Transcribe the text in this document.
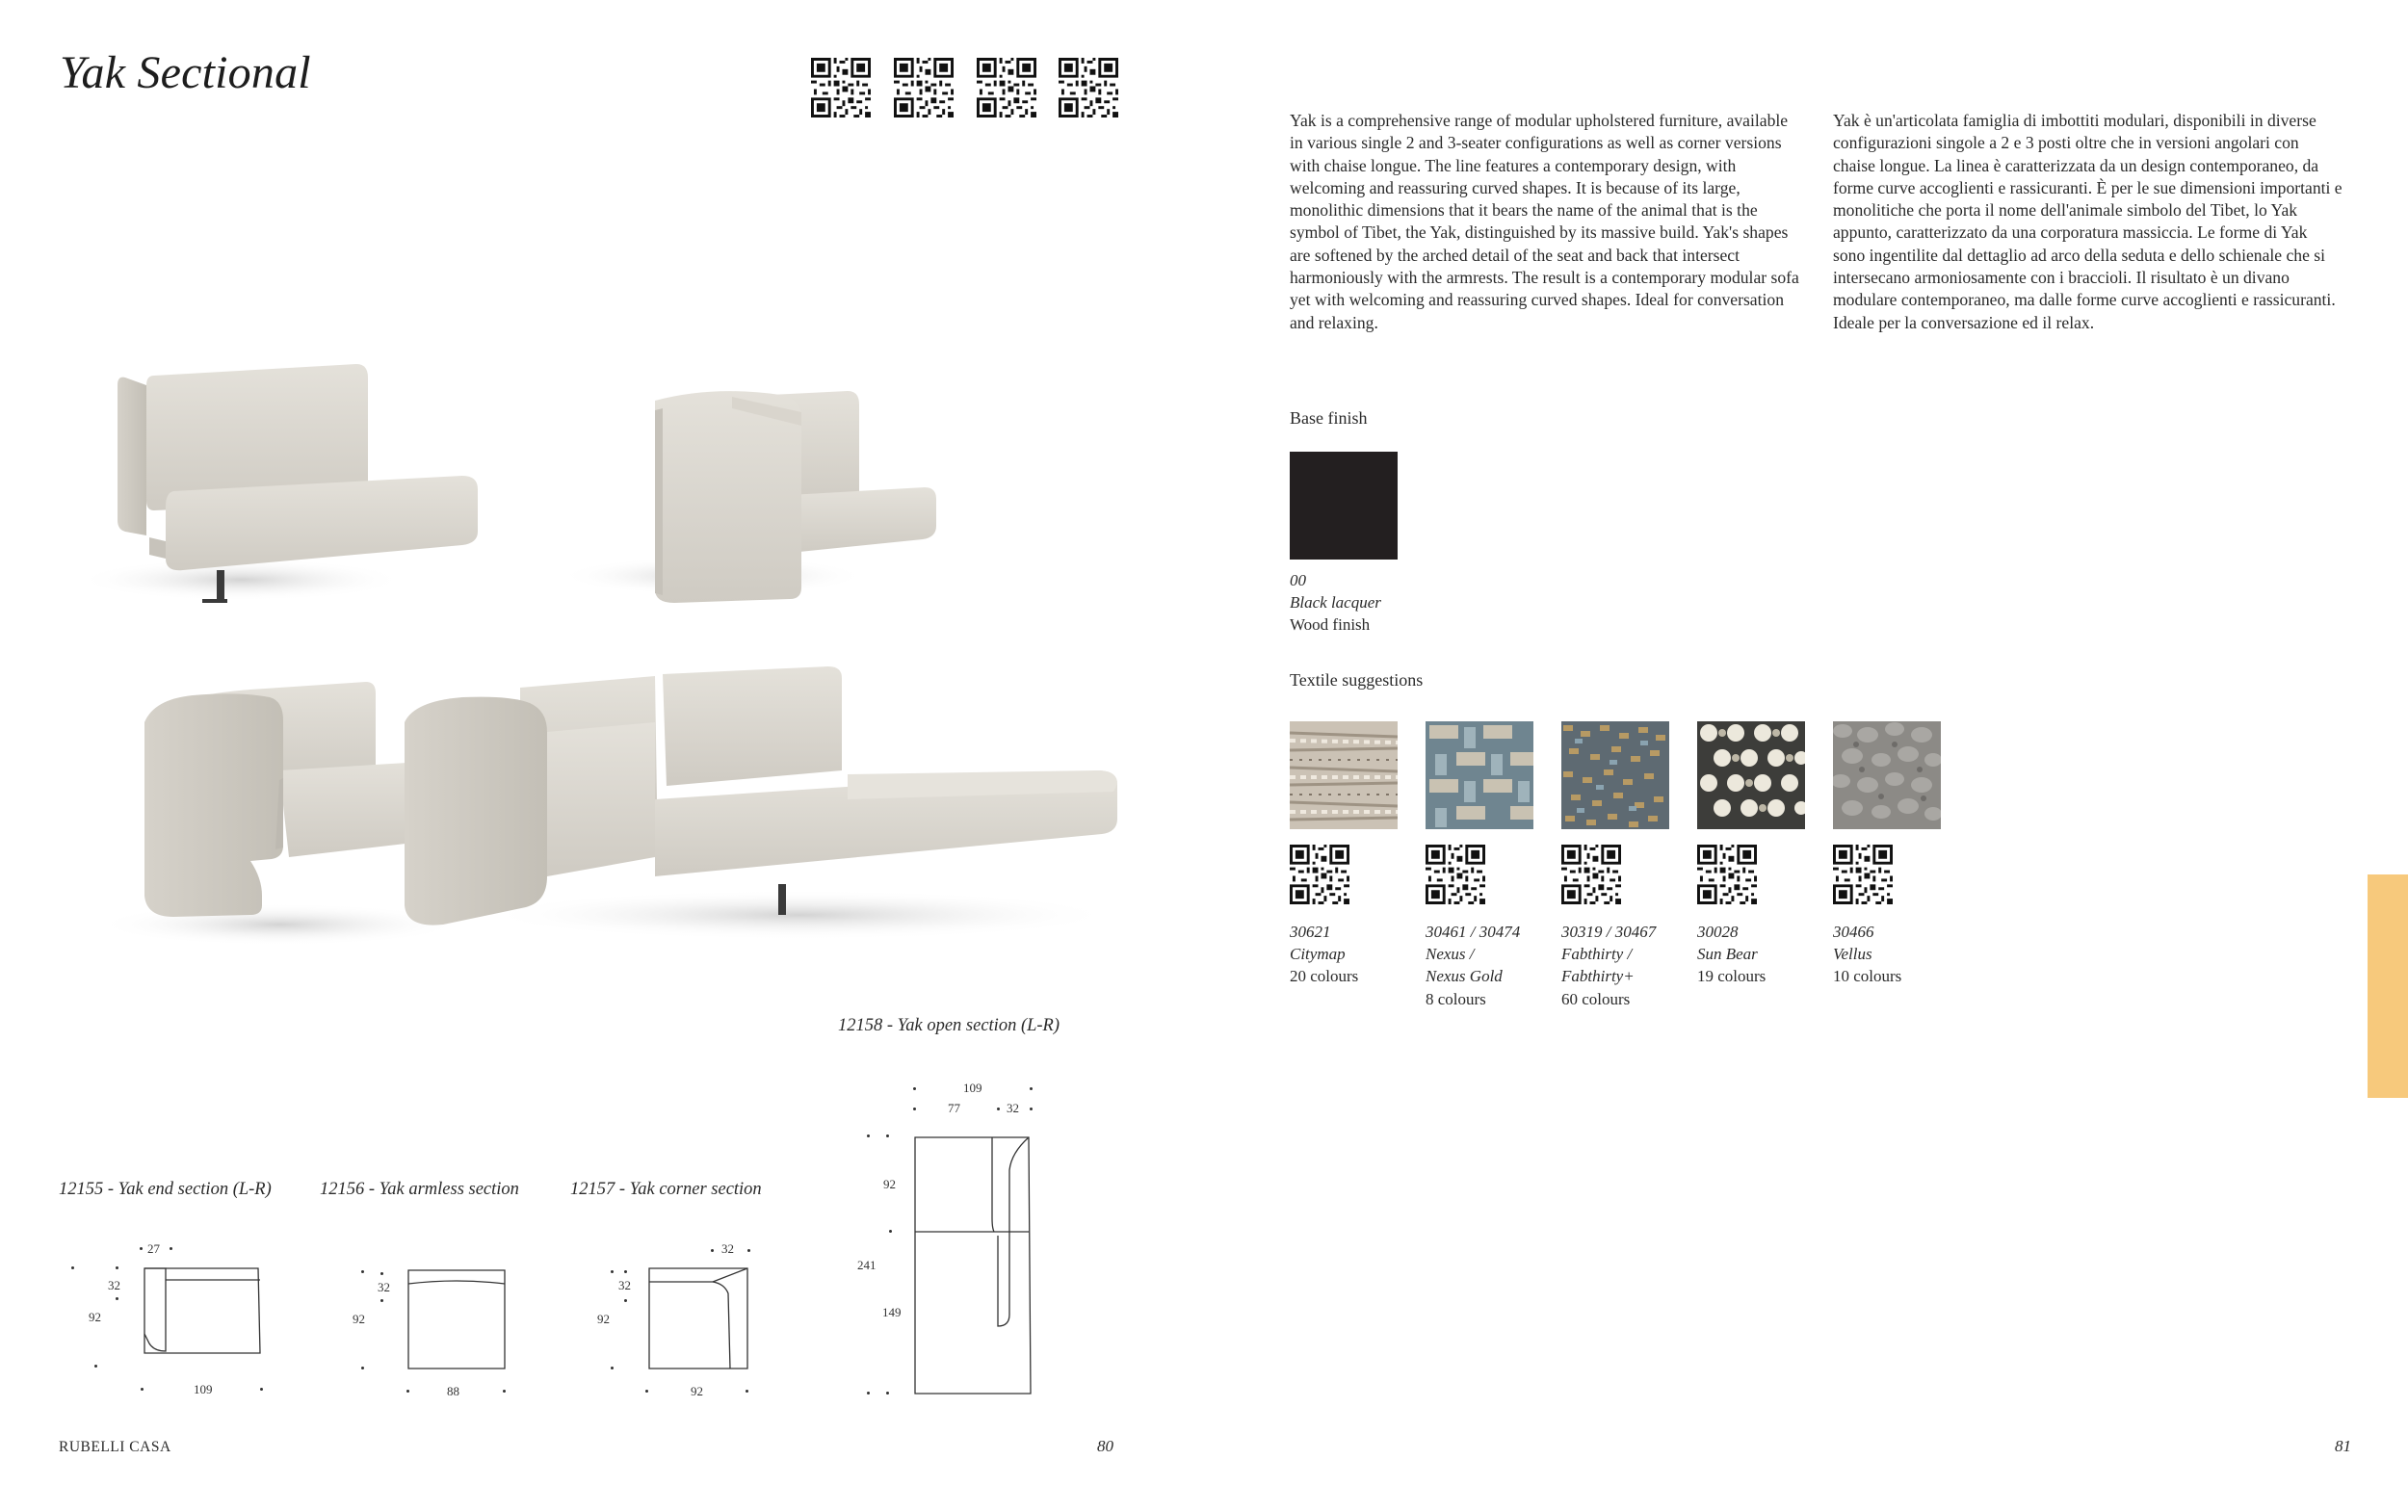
Yak Sectional
12158 - Yak open section (L-R)
12155 - Yak end section (L-R)	12156 - Yak armless section	12157 - Yak corner section
27
32
92
109
32
92
88
32
32
92
92
109
77	32
92
241
149
RUBELLI CASA	80
Yak is a comprehensive range of modular upholstered furniture, available in various single 2 and 3-seater configurations as well as corner versions with chaise longue. The line features a contemporary design, with welcoming and reassuring curved shapes. It is because of its large, monolithic dimensions that it bears the name of the animal that is the symbol of Tibet, the Yak, distinguished by its massive build. Yak's shapes are softened by the arched detail of the seat and back that intersect harmoniously with the armrests. The result is a contemporary modular sofa yet with welcoming and reassuring curved shapes. Ideal for conversation and relaxing.
Yak è un'articolata famiglia di imbottiti modulari, disponibili in diverse configurazioni singole a 2 e 3 posti oltre che in versioni angolari con chaise longue. La linea è caratterizzata da un design contemporaneo, da forme curve accoglienti e rassicuranti. È per le sue dimensioni importanti e monolitiche che porta il nome dell'animale simbolo del Tibet, lo Yak appunto, caratterizzato da una corporatura massiccia. Le forme di Yak sono ingentilite dal dettaglio ad arco della seduta e dello schienale che si intersecano armoniosamente con i braccioli. Il risultato è un divano modulare contemporaneo, ma dalle forme curve accoglienti e rassicuranti. Ideale per la conversazione ed il relax.
Base finish
00
Black lacquer
Wood finish
Textile suggestions
30621
Citymap
20 colours
30461 / 30474
Nexus /
Nexus Gold
8 colours
30319 / 30467
Fabthirty /
Fabthirty+
60 colours
30028
Sun Bear
19 colours
30466
Vellus
10 colours
81
